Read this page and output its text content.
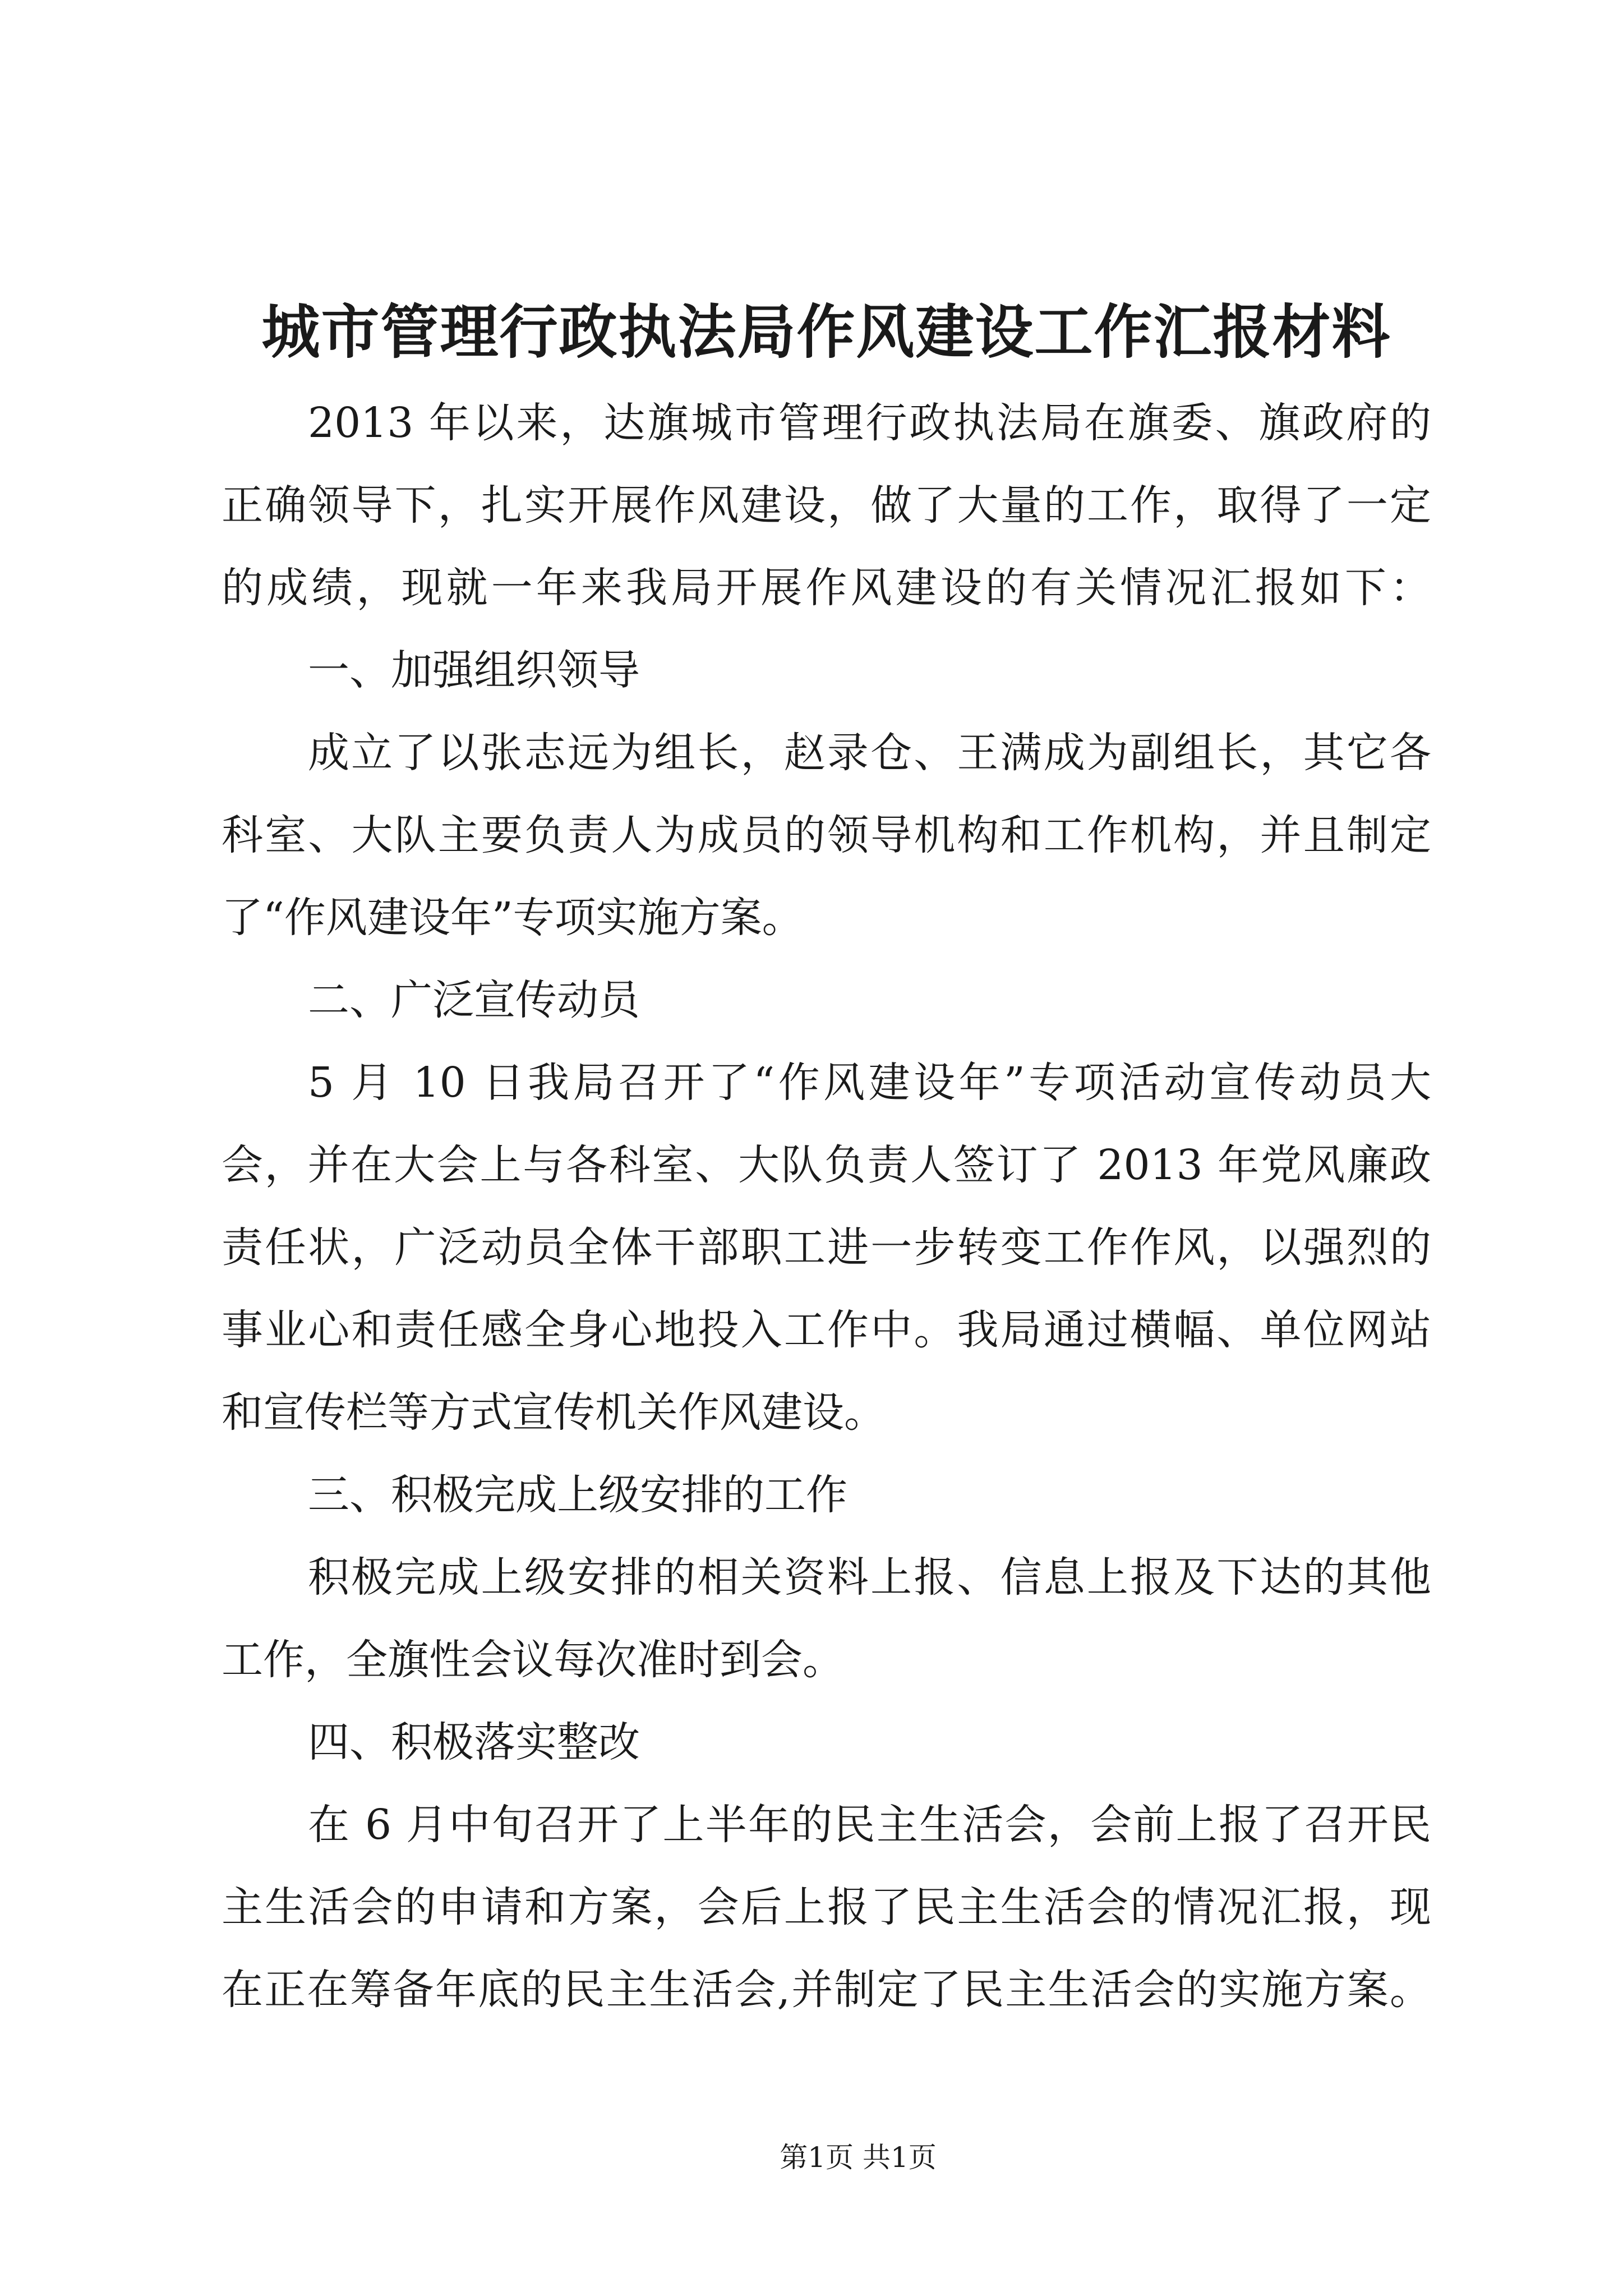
城市管理行政执法局作风建设工作汇报材料
2013 年以来，达旗城市管理行政执法局在旗委、旗政府的
正确领导下，扎实开展作风建设，做了大量的工作，取得了一定
的成绩，现就一年来我局开展作风建设的有关情况汇报如下：
一、加强组织领导
成立了以张志远为组长，赵录仓、王满成为副组长，其它各
科室、大队主要负责人为成员的领导机构和工作机构，并且制定
了“作风建设年”专项实施方案。
二、广泛宣传动员
5 月 10 日我局召开了“作风建设年”专项活动宣传动员大
会，并在大会上与各科室、大队负责人签订了 2013 年党风廉政
责任状，广泛动员全体干部职工进一步转变工作作风，以强烈的
事业心和责任感全身心地投入工作中。我局通过横幅、单位网站
和宣传栏等方式宣传机关作风建设。
三、积极完成上级安排的工作
积极完成上级安排的相关资料上报、信息上报及下达的其他
工作，全旗性会议每次准时到会。
四、积极落实整改
在 6 月中旬召开了上半年的民主生活会，会前上报了召开民
主生活会的申请和方案，会后上报了民主生活会的情况汇报，现
在正在筹备年底的民主生活会,并制定了民主生活会的实施方案。
第1页 共1页
